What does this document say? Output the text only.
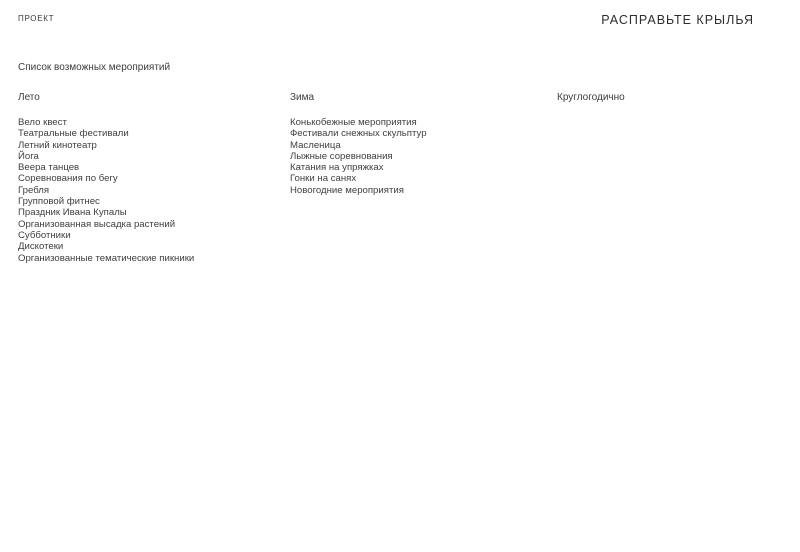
ПРОЕКТ	РАСПРАВЬТЕ КРЫЛЬЯ
Список возможных мероприятий
Лето
Вело квест
Театральные фестивали
Летний кинотеатр
Йога
Веера танцев
Соревнования по бегу
Гребля
Групповой фитнес
Праздник Ивана Купалы
Организованная высадка растений
Субботники
Дискотеки
Организованные тематические пикники
Зима
Конькобежные мероприятия
Фестивали снежных скульптур
Масленица
Лыжные соревнования
Катания на упряжках
Гонки на санях
Новогодние мероприятия
Круглогодично
